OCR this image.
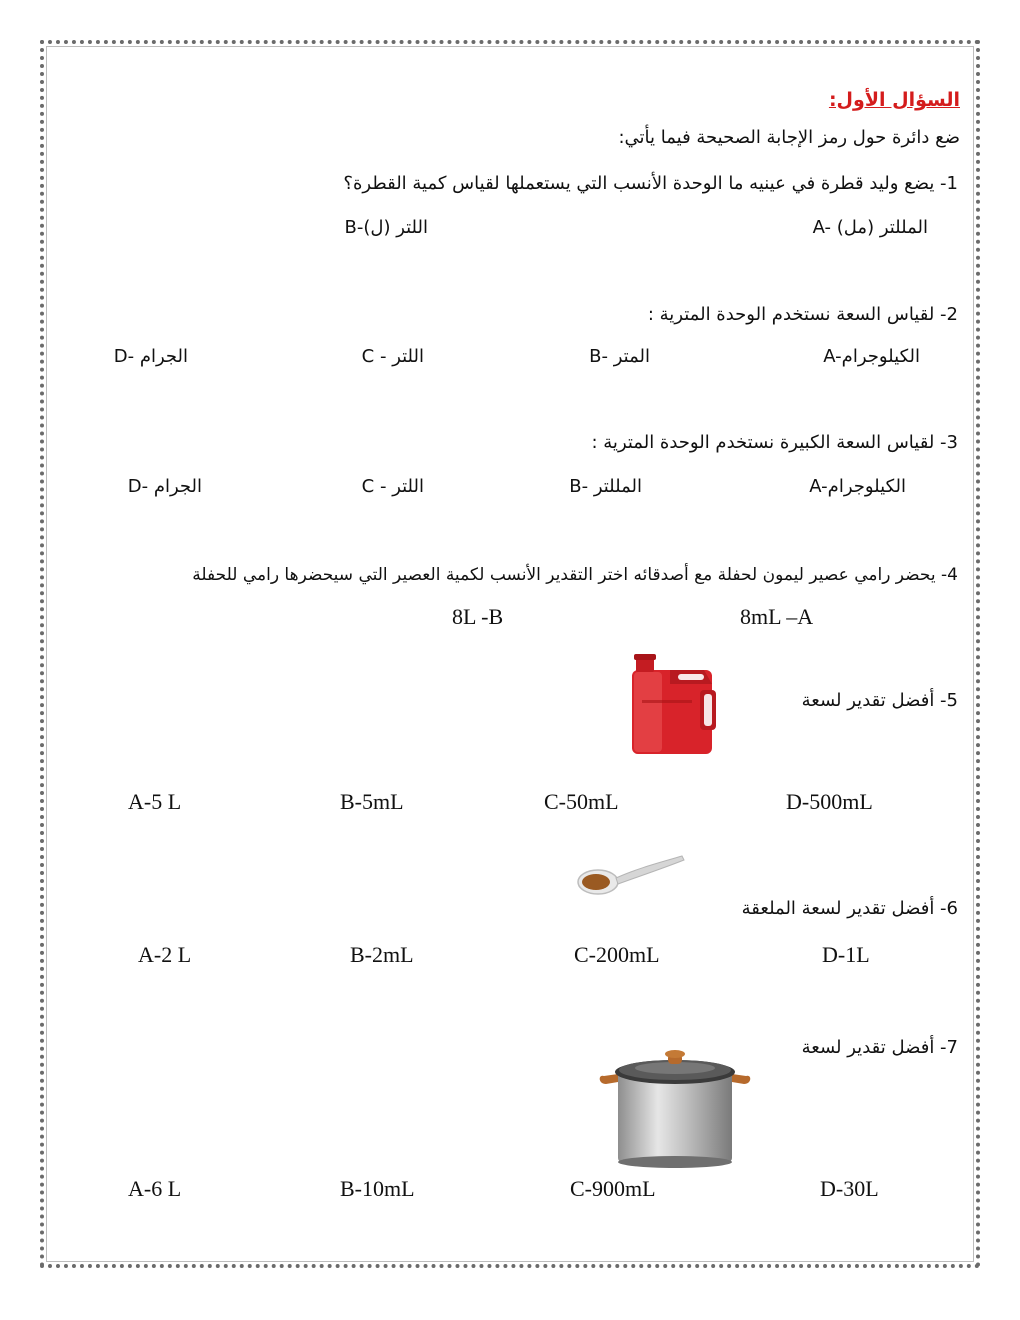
السؤال الأول:
ضع دائرة حول رمز الإجابة الصحيحة فيما يأتي:
1- يضع وليد قطرة في عينيه ما الوحدة الأنسب التي يستعملها لقياس كمية القطرة؟
A- المللتر (مل)
B-اللتر (ل)
2- لقياس السعة نستخدم الوحدة المترية :
A-الكيلوجرام
B- المتر
C - اللتر
D- الجرام
3- لقياس السعة الكبيرة نستخدم الوحدة المترية :
A-الكيلوجرام
B- المللتر
C - اللتر
D- الجرام
4- يحضر رامي عصير ليمون لحفلة مع أصدقائه اختر التقدير الأنسب لكمية العصير التي سيحضرها رامي للحفلة
8mL –A
8L -B
5- أفضل تقدير لسعة
D-500mL
C-50mL
B-5mL
A-5 L
6- أفضل تقدير لسعة الملعقة
D-1L
C-200mL
B-2mL
A-2 L
7- أفضل تقدير لسعة
D-30L
C-900mL
B-10mL
A-6 L
